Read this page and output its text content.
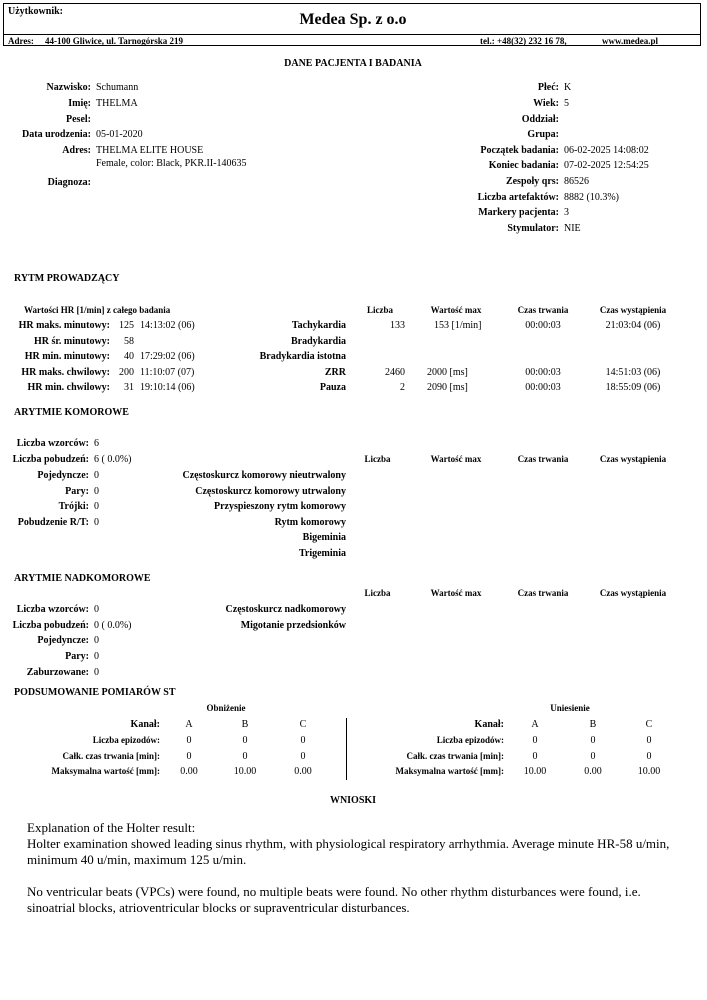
Użytkownik:	Medea Sp. z o.o
Adres: 44-100 Gliwice, ul. Tarnogórska 219	tel.: +48(32) 232 16 78,	www.medea.pl
DANE PACJENTA I BADANIA
Nazwisko: Schumann
Imię: THELMA
Pesel:
Data urodzenia: 05-01-2020
Adres: THELMA ELITE HOUSE
Female, color: Black, PKR.II-140635
Diagnoza:
Płeć: K
Wiek: 5
Oddział:
Grupa:
Początek badania: 06-02-2025 14:08:02
Koniec badania: 07-02-2025 12:54:25
Zespoły qrs: 86526
Liczba artefaktów: 8882 (10.3%)
Markery pacjenta: 3
Stymulator: NIE
RYTM PROWADZĄCY
Wartości HR [1/min] z całego badania	Liczba	Wartość max	Czas trwania	Czas wystąpienia
HR maks. minutowy: 125 14:13:02 (06)
HR śr. minutowy:	58
HR min. minutowy:	40 17:29:02 (06)
HR maks. chwilowy: 200 11:10:07 (07)
HR min. chwilowy:	31 19:10:14 (06)
Tachykardia	133	153 [1/min]	00:00:03	21:03:04 (06)
Bradykardia
Bradykardia istotna
ZRR	2460 2000 [ms]	00:00:03	14:51:03 (06)
Pauza	2 2090 [ms]	00:00:03	18:55:09 (06)
ARYTMIE KOMOROWE
Liczba	Wartość max	Czas trwania	Czas wystąpienia
Liczba wzorców: 6
Liczba pobudzeń: 6 ( 0.0%)
Pojedyncze: 0
Pary: 0
Trójki: 0
Pobudzenie R/T: 0
Częstoskurcz komorowy nieutrwalony
Częstoskurcz komorowy utrwalony
Przyspieszony rytm komorowy
Rytm komorowy
Bigeminia
Trigeminia
ARYTMIE NADKOMOROWE
Liczba	Wartość max	Czas trwania	Czas wystąpienia
Liczba wzorców: 0
Liczba pobudzeń: 0 ( 0.0%)
Pojedyncze: 0
Pary: 0
Zaburzowane: 0
Częstoskurcz nadkomorowy
Migotanie przedsionków
PODSUMOWANIE POMIARÓW ST
Obniżenie	Uniesienie
Kanał:	A	B	C
Liczba epizodów:	0	0	0
Całk. czas trwania [min]:	0	0	0
Maksymalna wartość [mm]:	0.00	10.00	0.00
Kanał:	A	B	C
Liczba epizodów:	0	0	0
Całk. czas trwania [min]:	0	0	0
Maksymalna wartość [mm]:	10.00	0.00	10.00
WNIOSKI
Explanation of the Holter result:
Holter examination showed leading sinus rhythm, with physiological respiratory arrhythmia. Average minute HR-58 u/min, minimum 40 u/min, maximum 125 u/min.
No ventricular beats (VPCs) were found, no multiple beats were found. No other rhythm disturbances were found, i.e. sinoatrial blocks, atrioventricular blocks or supraventricular disturbances.
